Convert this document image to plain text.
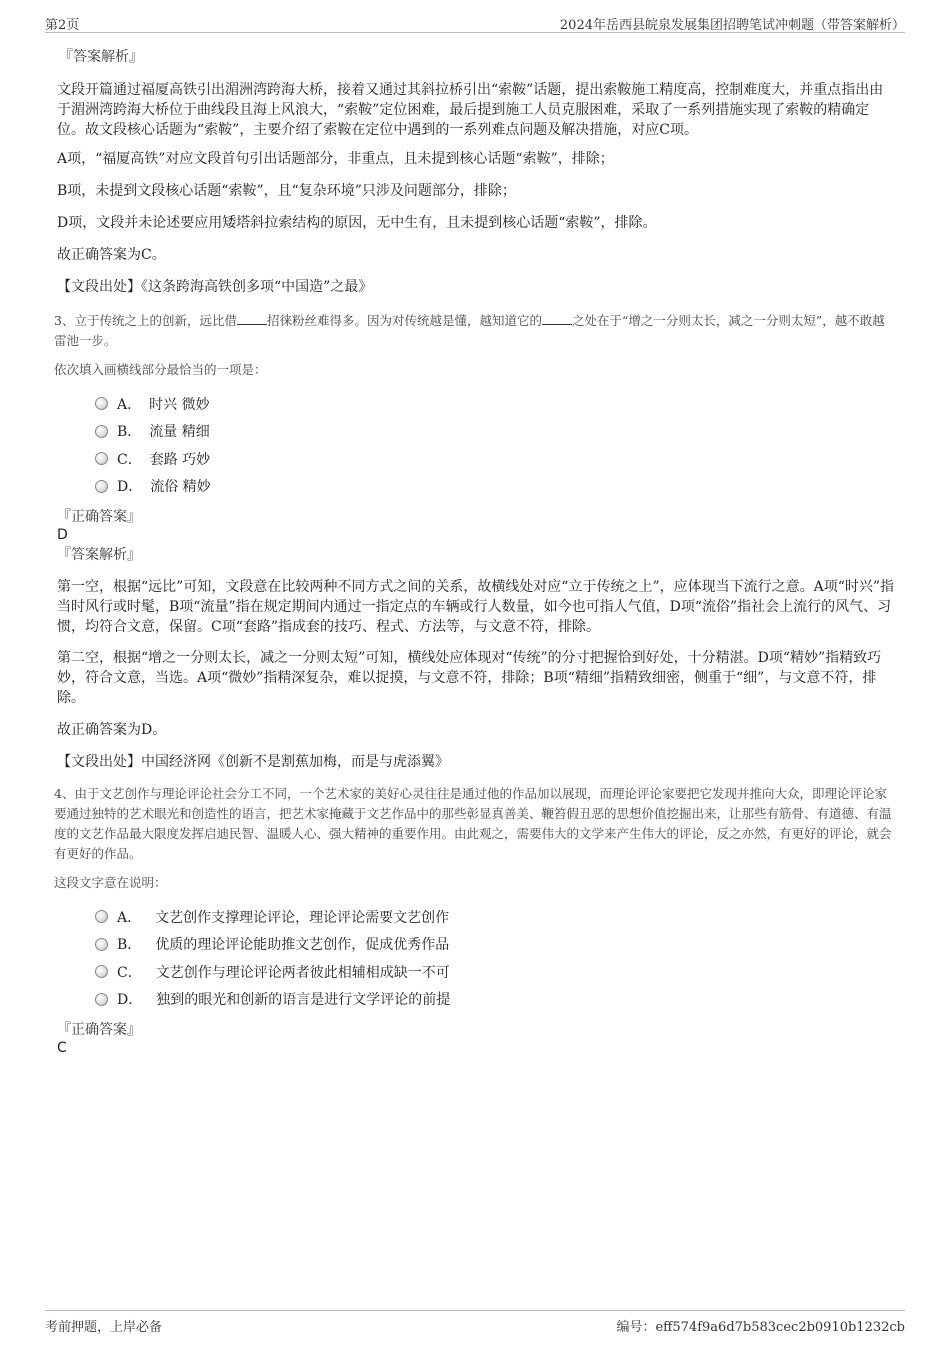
第2页	2024年岳西县皖泉发展集团招聘笔试冲刺题（带答案解析）

『答案解析』

文段开篇通过福厦高铁引出湄洲湾跨海大桥，接着又通过其斜拉桥引出“索鞍”话题，提出索鞍施工精度高，控制难度大，并重点指出由于湄洲湾跨海大桥位于曲线段且海上风浪大，“索鞍”定位困难，最后提到施工人员克服困难，采取了一系列措施实现了索鞍的精确定位。故文段核心话题为“索鞍”，主要介绍了索鞍在定位中遇到的一系列难点问题及解决措施，对应C项。

A项，“福厦高铁”对应文段首句引出话题部分，非重点，且未提到核心话题“索鞍”，排除；

B项，未提到文段核心话题“索鞍”，且“复杂环境”只涉及问题部分，排除；

D项，文段并未论述要应用矮塔斜拉索结构的原因，无中生有，且未提到核心话题“索鞍”，排除。

故正确答案为C。

【文段出处】《这条跨海高铁创多项“中国造”之最》

3、立于传统之上的创新，远比借 招徕粉丝难得多。因为对传统越是懂，越知道它的 之处在于“增之一分则太长，减之一分则太短”，越不敢越雷池一步。

依次填入画横线部分最恰当的一项是：

A． 时兴 微妙
B． 流量 精细
C． 套路 巧妙
D． 流俗 精妙

『正确答案』

D

『答案解析』

第一空，根据“远比”可知，文段意在比较两种不同方式之间的关系，故横线处对应“立于传统之上”，应体现当下流行之意。A项“时兴”指当时风行或时髦，B项“流量”指在规定期间内通过一指定点的车辆或行人数量，如今也可指人气值，D项“流俗”指社会上流行的风气、习惯，均符合文意，保留。C项“套路”指成套的技巧、程式、方法等，与文意不符，排除。

第二空，根据“增之一分则太长，减之一分则太短”可知，横线处应体现对“传统”的分寸把握恰到好处，十分精湛。D项“精妙”指精致巧妙，符合文意，当选。A项“微妙”指精深复杂，难以捉摸，与文意不符，排除；B项“精细”指精致细密，侧重于“细”，与文意不符，排除。

故正确答案为D。

【文段出处】中国经济网《创新不是割蕉加梅，而是与虎添翼》

4、由于文艺创作与理论评论社会分工不同，一个艺术家的美好心灵往往是通过他的作品加以展现，而理论评论家要把它发现并推向大众，即理论评论家要通过独特的艺术眼光和创造性的语言，把艺术家掩藏于文艺作品中的那些彰显真善美、鞭笞假丑恶的思想价值挖掘出来，让那些有筋骨、有道德、有温度的文艺作品最大限度发挥启迪民智、温暖人心、强大精神的重要作用。由此观之，需要伟大的文学来产生伟大的评论，反之亦然，有更好的评论，就会有更好的作品。

这段文字意在说明：

A． 文艺创作支撑理论评论，理论评论需要文艺创作
B． 优质的理论评论能助推文艺创作，促成优秀作品
C． 文艺创作与理论评论两者彼此相辅相成缺一不可
D． 独到的眼光和创新的语言是进行文学评论的前提

『正确答案』

C

考前押题，上岸必备	编号：eff574f9a6d7b583cec2b0910b1232cb
